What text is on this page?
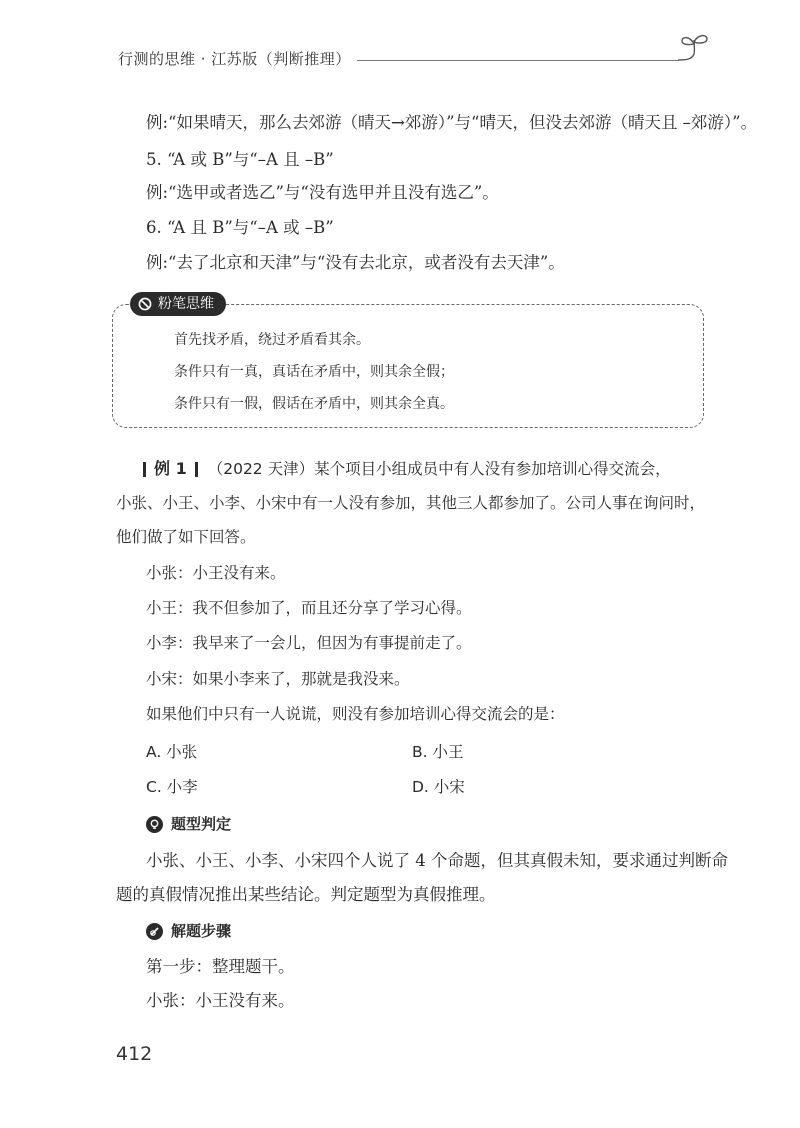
行测的思维 · 江苏版（判断推理）
例:“如果晴天，那么去郊游（晴天→郊游）”与“晴天，但没去郊游（晴天且 –郊游）”。
5. “A 或 B”与“–A 且 –B”
例:“选甲或者选乙”与“没有选甲并且没有选乙”。
6. “A 且 B”与“–A 或 –B”
例:“去了北京和天津”与“没有去北京，或者没有去天津”。
粉笔思维
首先找矛盾，绕过矛盾看其余。
条件只有一真，真话在矛盾中，则其余全假；
条件只有一假，假话在矛盾中，则其余全真。
例 1 （2022 天津）某个项目小组成员中有人没有参加培训心得交流会，
小张、小王、小李、小宋中有一人没有参加，其他三人都参加了。公司人事在询问时，
他们做了如下回答。
小张：小王没有来。
小王：我不但参加了，而且还分享了学习心得。
小李：我早来了一会儿，但因为有事提前走了。
小宋：如果小李来了，那就是我没来。
如果他们中只有一人说谎，则没有参加培训心得交流会的是：
A. 小张	B. 小王
C. 小李	D. 小宋
题型判定
小张、小王、小李、小宋四个人说了 4 个命题，但其真假未知，要求通过判断命
题的真假情况推出某些结论。判定题型为真假推理。
解题步骤
第一步：整理题干。
小张：小王没有来。
412
